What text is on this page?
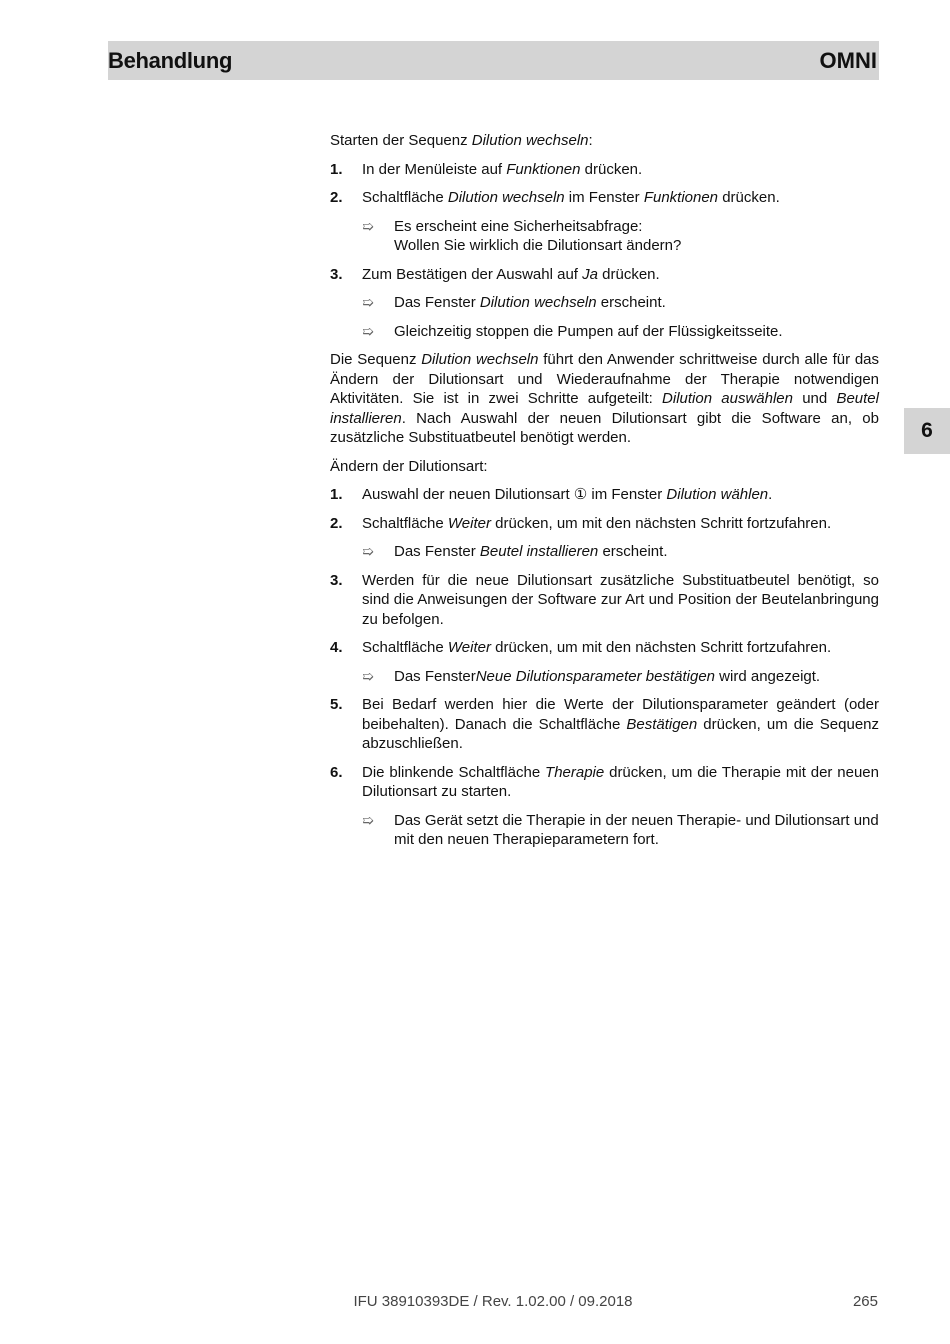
Behandlung	OMNI
6

Starten der Sequenz Dilution wechseln:

1.	In der Menüleiste auf Funktionen drücken.
2.	Schaltfläche Dilution wechseln im Fenster Funktionen drücken.
➯	Es erscheint eine Sicherheitsabfrage:
Wollen Sie wirklich die Dilutionsart ändern?
3.	Zum Bestätigen der Auswahl auf Ja drücken.
➯	Das Fenster Dilution wechseln erscheint.
➯	Gleichzeitig stoppen die Pumpen auf der Flüssigkeitsseite.

Die Sequenz Dilution wechseln führt den Anwender schrittweise durch alle für das Ändern der Dilutionsart und Wiederaufnahme der Therapie notwendigen Aktivitäten. Sie ist in zwei Schritte aufgeteilt: Dilution auswählen und Beutel installieren. Nach Auswahl der neuen Dilutionsart gibt die Software an, ob zusätzliche Substituatbeutel benötigt werden.

Ändern der Dilutionsart:

1.	Auswahl der neuen Dilutionsart ① im Fenster Dilution wählen.
2.	Schaltfläche Weiter drücken, um mit den nächsten Schritt fortzufahren.
➯	Das Fenster Beutel installieren erscheint.
3.	Werden für die neue Dilutionsart zusätzliche Substituatbeutel benötigt, so sind die Anweisungen der Software zur Art und Position der Beutelanbringung zu befolgen.
4.	Schaltfläche Weiter drücken, um mit den nächsten Schritt fortzufahren.
➯	Das FensterNeue Dilutionsparameter bestätigen wird angezeigt.
5.	Bei Bedarf werden hier die Werte der Dilutionsparameter geändert (oder beibehalten). Danach die Schaltfläche Bestätigen drücken, um die Sequenz abzuschließen.
6.	Die blinkende Schaltfläche Therapie drücken, um die Therapie mit der neuen Dilutionsart zu starten.
➯	Das Gerät setzt die Therapie in der neuen Therapie- und Dilutionsart und mit den neuen Therapieparametern fort.
IFU 38910393DE / Rev. 1.02.00 / 09.2018	265
